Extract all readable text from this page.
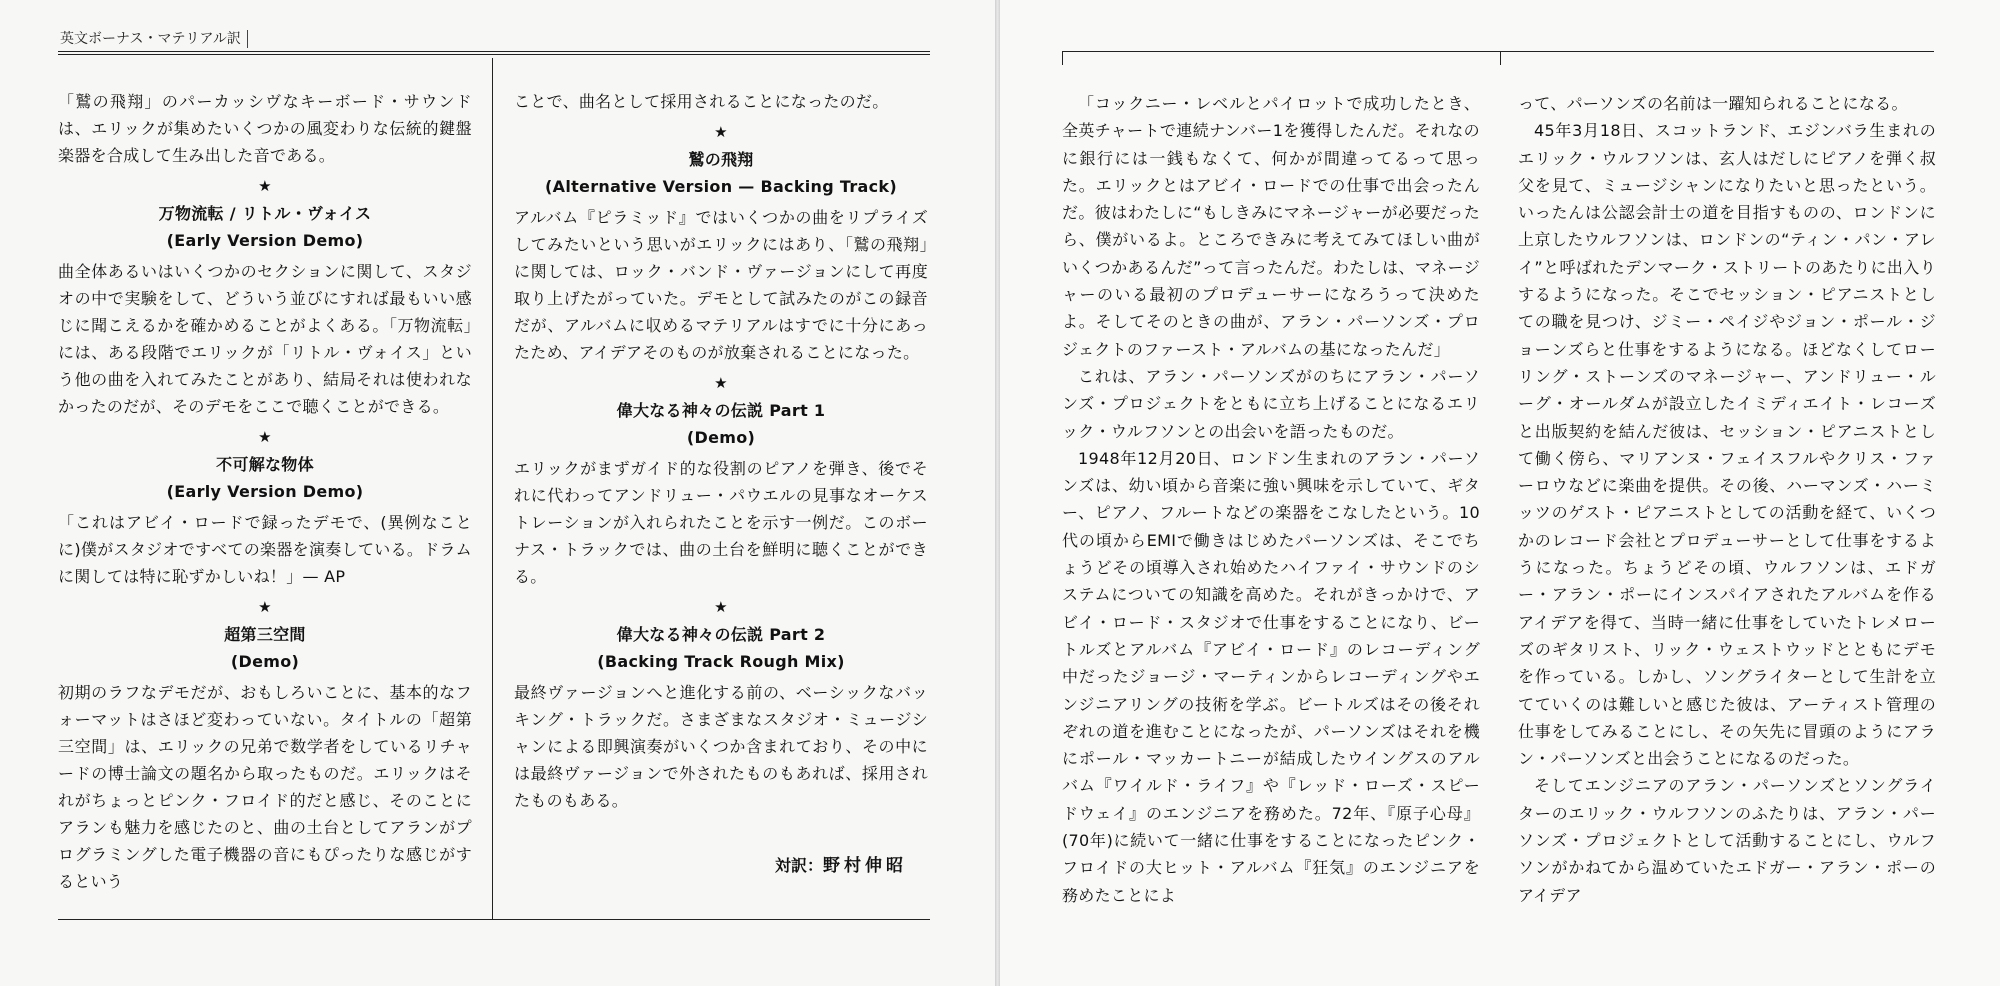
英文ボーナス・マテリアル訳

「鷲の飛翔」のパーカッシヴなキーボード・サウンドは、エリックが集めたいくつかの風変わりな伝統的鍵盤楽器を合成して生み出した音である。

★
万物流転 / リトル・ヴォイス
(Early Version Demo)

曲全体あるいはいくつかのセクションに関して、スタジオの中で実験をして、どういう並びにすれば最もいい感じに聞こえるかを確かめることがよくある。「万物流転」には、ある段階でエリックが「リトル・ヴォイス」という他の曲を入れてみたことがあり、結局それは使われなかったのだが、そのデモをここで聴くことができる。

★
不可解な物体
(Early Version Demo)

「これはアビイ・ロードで録ったデモで、(異例なことに)僕がスタジオですべての楽器を演奏している。ドラムに関しては特に恥ずかしいね！」— AP

★
超第三空間
(Demo)

初期のラフなデモだが、おもしろいことに、基本的なフォーマットはさほど変わっていない。タイトルの「超第三空間」は、エリックの兄弟で数学者をしているリチャードの博士論文の題名から取ったものだ。エリックはそれがちょっとピンク・フロイド的だと感じ、そのことにアランも魅力を感じたのと、曲の土台としてアランがプログラミングした電子機器の音にもぴったりな感じがするという

ことで、曲名として採用されることになったのだ。

★
鷲の飛翔
(Alternative Version — Backing Track)

アルバム『ピラミッド』ではいくつかの曲をリプライズしてみたいという思いがエリックにはあり、「鷲の飛翔」に関しては、ロック・バンド・ヴァージョンにして再度取り上げたがっていた。デモとして試みたのがこの録音だが、アルバムに収めるマテリアルはすでに十分にあったため、アイデアそのものが放棄されることになった。

★
偉大なる神々の伝説 Part 1
(Demo)

エリックがまずガイド的な役割のピアノを弾き、後でそれに代わってアンドリュー・パウエルの見事なオーケストレーションが入れられたことを示す一例だ。このボーナス・トラックでは、曲の土台を鮮明に聴くことができる。

★
偉大なる神々の伝説 Part 2
(Backing Track Rough Mix)

最終ヴァージョンへと進化する前の、ベーシックなバッキング・トラックだ。さまざまなスタジオ・ミュージシャンによる即興演奏がいくつか含まれており、その中には最終ヴァージョンで外されたものもあれば、採用されたものもある。

対訳：野村伸昭

「コックニー・レベルとパイロットで成功したとき、全英チャートで連続ナンバー1を獲得したんだ。それなのに銀行には一銭もなくて、何かが間違ってるって思った。エリックとはアビイ・ロードでの仕事で出会ったんだ。彼はわたしに“もしきみにマネージャーが必要だったら、僕がいるよ。ところできみに考えてみてほしい曲がいくつかあるんだ”って言ったんだ。わたしは、マネージャーのいる最初のプロデューサーになろうって決めたよ。そしてそのときの曲が、アラン・パーソンズ・プロジェクトのファースト・アルバムの基になったんだ」

これは、アラン・パーソンズがのちにアラン・パーソンズ・プロジェクトをともに立ち上げることになるエリック・ウルフソンとの出会いを語ったものだ。

1948年12月20日、ロンドン生まれのアラン・パーソンズは、幼い頃から音楽に強い興味を示していて、ギター、ピアノ、フルートなどの楽器をこなしたという。10代の頃からEMIで働きはじめたパーソンズは、そこでちょうどその頃導入され始めたハイファイ・サウンドのシステムについての知識を高めた。それがきっかけで、アビイ・ロード・スタジオで仕事をすることになり、ビートルズとアルバム『アビイ・ロード』のレコーディング中だったジョージ・マーティンからレコーディングやエンジニアリングの技術を学ぶ。ビートルズはその後それぞれの道を進むことになったが、パーソンズはそれを機にポール・マッカートニーが結成したウイングスのアルバム『ワイルド・ライフ』や『レッド・ローズ・スピードウェイ』のエンジニアを務めた。72年、『原子心母』(70年)に続いて一緒に仕事をすることになったピンク・フロイドの大ヒット・アルバム『狂気』のエンジニアを務めたことによ

って、パーソンズの名前は一躍知られることになる。

45年3月18日、スコットランド、エジンバラ生まれのエリック・ウルフソンは、玄人はだしにピアノを弾く叔父を見て、ミュージシャンになりたいと思ったという。いったんは公認会計士の道を目指すものの、ロンドンに上京したウルフソンは、ロンドンの“ティン・パン・アレイ”と呼ばれたデンマーク・ストリートのあたりに出入りするようになった。そこでセッション・ピアニストとしての職を見つけ、ジミー・ペイジやジョン・ポール・ジョーンズらと仕事をするようになる。ほどなくしてローリング・ストーンズのマネージャー、アンドリュー・ルーグ・オールダムが設立したイミディエイト・レコーズと出版契約を結んだ彼は、セッション・ピアニストとして働く傍ら、マリアンヌ・フェイスフルやクリス・ファーロウなどに楽曲を提供。その後、ハーマンズ・ハーミッツのゲスト・ピアニストとしての活動を経て、いくつかのレコード会社とプロデューサーとして仕事をするようになった。ちょうどその頃、ウルフソンは、エドガー・アラン・ポーにインスパイアされたアルバムを作るアイデアを得て、当時一緒に仕事をしていたトレメローズのギタリスト、リック・ウェストウッドとともにデモを作っている。しかし、ソングライターとして生計を立てていくのは難しいと感じた彼は、アーティスト管理の仕事をしてみることにし、その矢先に冒頭のようにアラン・パーソンズと出会うことになるのだった。

そしてエンジニアのアラン・パーソンズとソングライターのエリック・ウルフソンのふたりは、アラン・パーソンズ・プロジェクトとして活動することにし、ウルフソンがかねてから温めていたエドガー・アラン・ポーのアイデア
